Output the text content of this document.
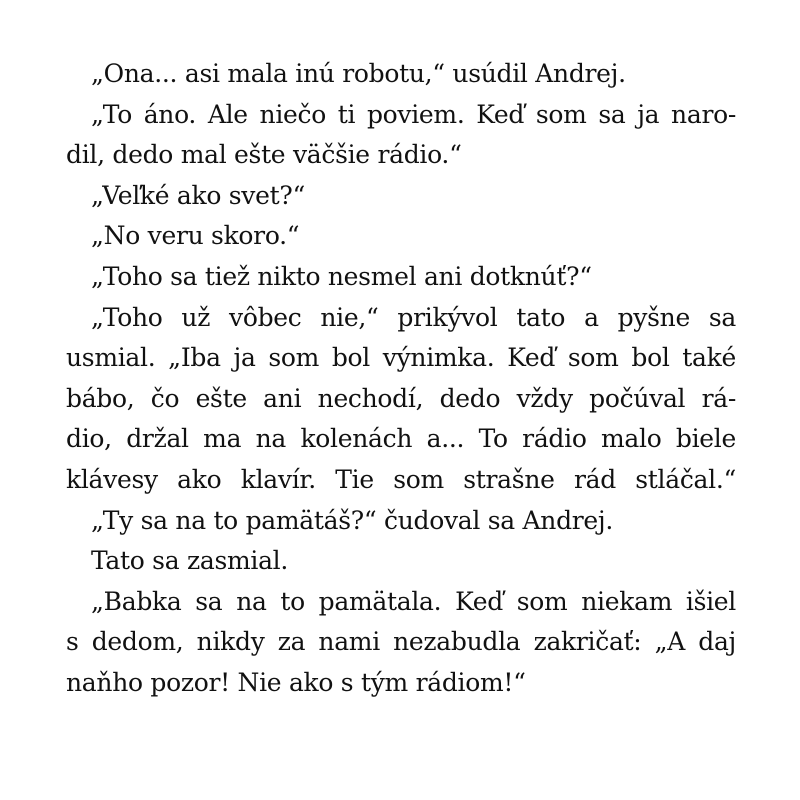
„Ona... asi mala inú robotu,“ usúdil Andrej.
„To áno. Ale niečo ti poviem. Keď som sa ja naro-
dil, dedo mal ešte väčšie rádio.“
„Veľké ako svet?“
„No veru skoro.“
„Toho sa tiež nikto nesmel ani dotknúť?“
„Toho už vôbec nie,“ prikývol tato a pyšne sa
usmial. „Iba ja som bol výnimka. Keď som bol také
bábo, čo ešte ani nechodí, dedo vždy počúval rá-
dio, držal ma na kolenách a... To rádio malo biele
klávesy ako klavír. Tie som strašne rád stláčal.“
„Ty sa na to pamätáš?“ čudoval sa Andrej.
Tato sa zasmial.
„Babka sa na to pamätala. Keď som niekam išiel
s dedom, nikdy za nami nezabudla zakričať: „A daj
naňho pozor! Nie ako s tým rádiom!“
